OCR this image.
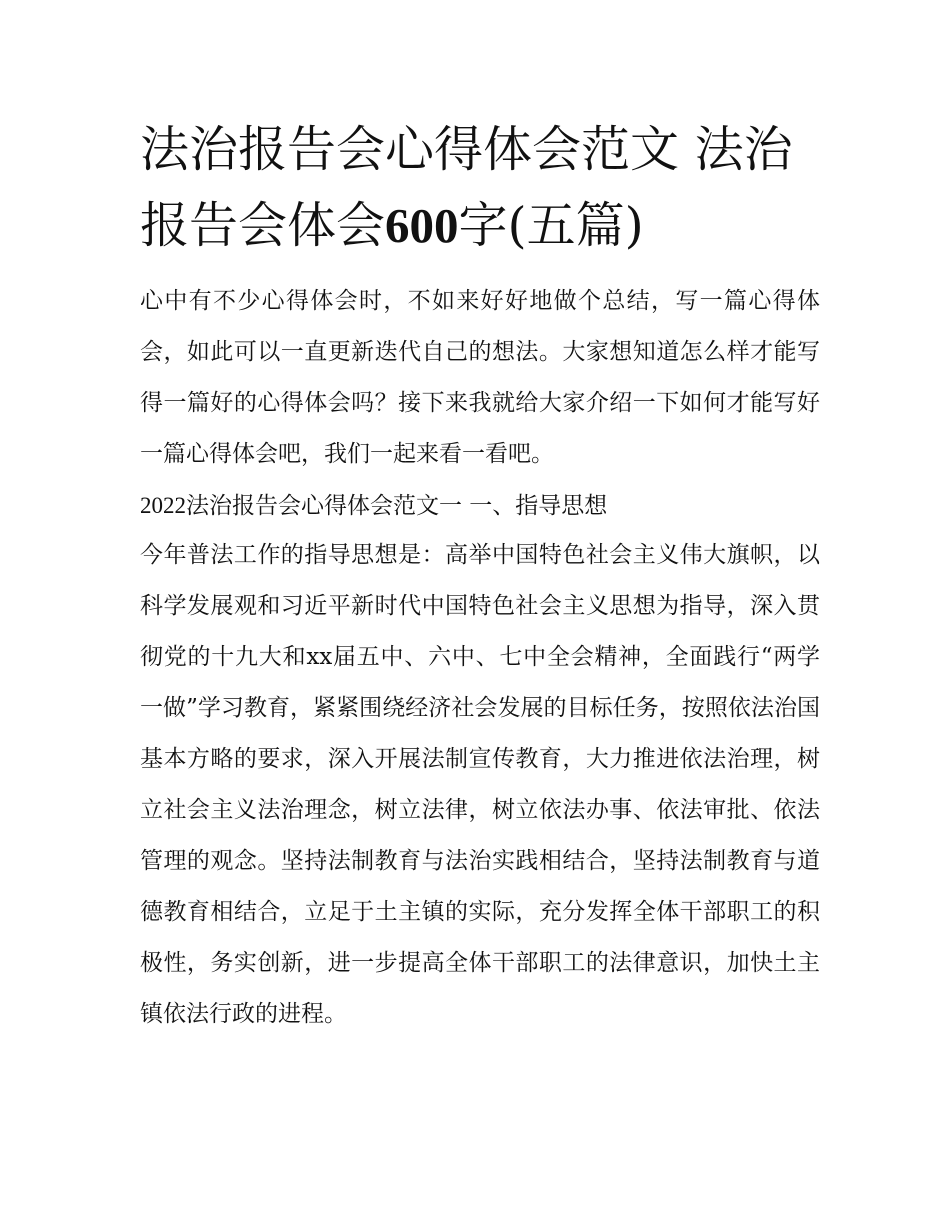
法治报告会心得体会范文 法治报告会体会600字(五篇)

心中有不少心得体会时，不如来好好地做个总结，写一篇心得体会，如此可以一直更新迭代自己的想法。大家想知道怎么样才能写得一篇好的心得体会吗？接下来我就给大家介绍一下如何才能写好一篇心得体会吧，我们一起来看一看吧。

2022法治报告会心得体会范文一 一、指导思想

今年普法工作的指导思想是：高举中国特色社会主义伟大旗帜，以科学发展观和习近平新时代中国特色社会主义思想为指导，深入贯彻党的十九大和xx届五中、六中、七中全会精神，全面践行“两学一做”学习教育，紧紧围绕经济社会发展的目标任务，按照依法治国基本方略的要求，深入开展法制宣传教育，大力推进依法治理，树立社会主义法治理念，树立法律，树立依法办事、依法审批、依法管理的观念。坚持法制教育与法治实践相结合，坚持法制教育与道德教育相结合，立足于土主镇的实际，充分发挥全体干部职工的积极性，务实创新，进一步提高全体干部职工的法律意识，加快土主镇依法行政的进程。
